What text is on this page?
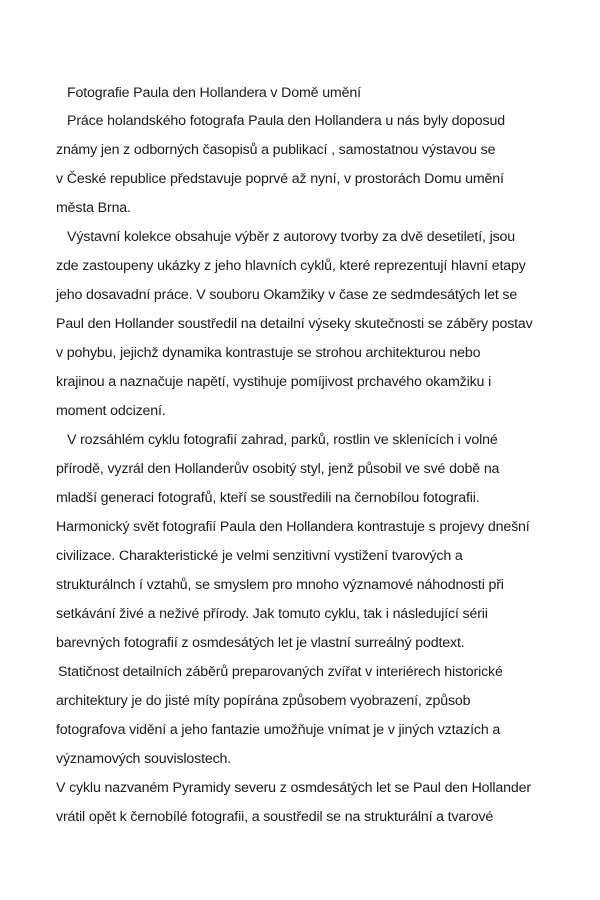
Fotografie Paula den Hollandera v Domě umění
Práce holandského fotografa Paula den Hollandera u nás byly doposud
známy jen z odborných časopisů a publikací , samostatnou výstavou se
v České republice představuje poprvé až nyní, v prostorách Domu umění
města Brna.
Výstavní kolekce obsahuje výběr z autorovy tvorby za dvě desetiletí, jsou
zde zastoupeny ukázky z jeho hlavních cyklů, které reprezentují hlavní etapy
jeho dosavadní práce. V souboru Okamžiky v čase ze sedmdesátých let se
Paul den Hollander soustředil na detailní výseky skutečnosti se záběry postav
v pohybu, jejichž dynamika kontrastuje se strohou architekturou nebo
krajinou a naznačuje napětí, vystihuje pomíjivost prchavého okamžiku i
moment odcizení.
V rozsáhlém cyklu fotografií zahrad, parků, rostlin ve sklenících i volné
přírodě, vyzrál den Hollanderův osobitý styl, jenž působil ve své době na
mladší generaci fotografů, kteří se soustředili na černobílou fotografii.
Harmonický svět fotografií Paula den Hollandera kontrastuje s projevy dnešní
civilizace. Charakteristické je velmi senzitivní vystižení tvarových a
strukturálnch í vztahů, se smyslem pro mnoho významové náhodnosti při
setkávání živé a neživé přírody. Jak tomuto cyklu, tak i následující sérii
barevných fotografií z osmdesátých let je vlastní surreálný podtext.
Statičnost detailních záběrů preparovaných zvířat v interiérech historické
architektury je do jisté míty popírána způsobem vyobrazení, způsob
fotografova vidění a jeho fantazie umožňuje vnímat je v jiných vztazích a
významových souvislostech.
V cyklu nazvaném Pyramidy severu z osmdesátých let se Paul den Hollander
vrátil opět k černobílé fotografii, a soustředil se na strukturální a tvarové
